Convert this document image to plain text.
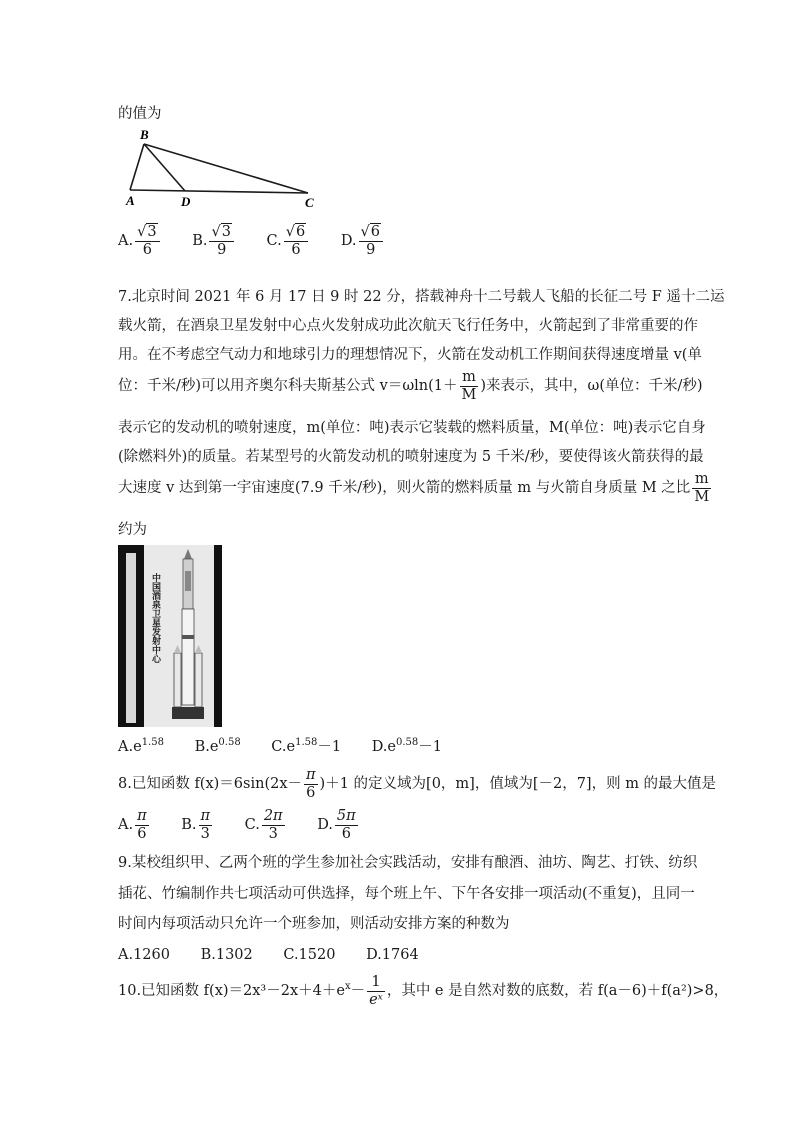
的值为
B
A	D	C
A. $\frac{√3}{6} B$. $\frac{√3}{9} C$. $\frac{√6}{6} D$. $\frac{√6}{9}$
7.北京时间 2021 年 6 月 17 日 9 时 22 分，搭载神舟十二号载人飞船的长征二号 F 遥十二运
载火箭，在酒泉卫星发射中心点火发射成功此次航天飞行任务中，火箭起到了非常重要的作
用。在不考虑空气动力和地球引力的理想情况下，火箭在发动机工作期间获得速度增量 v(单
位：千米/秒)可以用齐奥尔科夫斯基公式 $v=\omega\ln(1+ \frac{m}{M}$ )来表示，其中，ω(单位：千米/秒)
表示它的发动机的喷射速度，m(单位：吨)表示它装载的燃料质量，M(单位：吨)表示它自身
(除燃料外)的质量。若某型号的火箭发动机的喷射速度为 5 千米/秒，要使得该火箭获得的最
大速度 v 达到第一宇宙速度(7.9 千米/秒)，则火箭的燃料质量 m 与火箭自身质量 M 之比 $\frac{m}{M}$
约为
中国酒泉卫星发射中心
$A.e^{1.58}$ $B.e^{0.58}$ $C.e^{1.58}-1$ $D.e^{0.58}-1$
8.已知函数 $f(x)=6\sin(2x- \frac{\pi}{6} )+1$ 的定义域为[0，m]，值域为[－2，7]，则 m 的最大值是
A. $\frac{\pi}{6} B$. $\frac{\pi}{3} C$. $\frac{2\pi}{3} D$. $\frac{5\pi}{6}$
9.某校组织甲、乙两个班的学生参加社会实践活动，安排有酿酒、油坊、陶艺、打铁、纺织
插花、竹编制作共七项活动可供选择，每个班上午、下午各安排一项活动(不重复)，且同一
时间内每项活动只允许一个班参加，则活动安排方案的种数为
A.1260 B.1302 C.1520 D.1764
10.已知函数 $f(x)=2x^3-2x+4+e^x- \frac{1}{\text{eˣ}}$ ，其中 e 是自然对数的底数，若 f(a－6)＋f(a²)>8，
